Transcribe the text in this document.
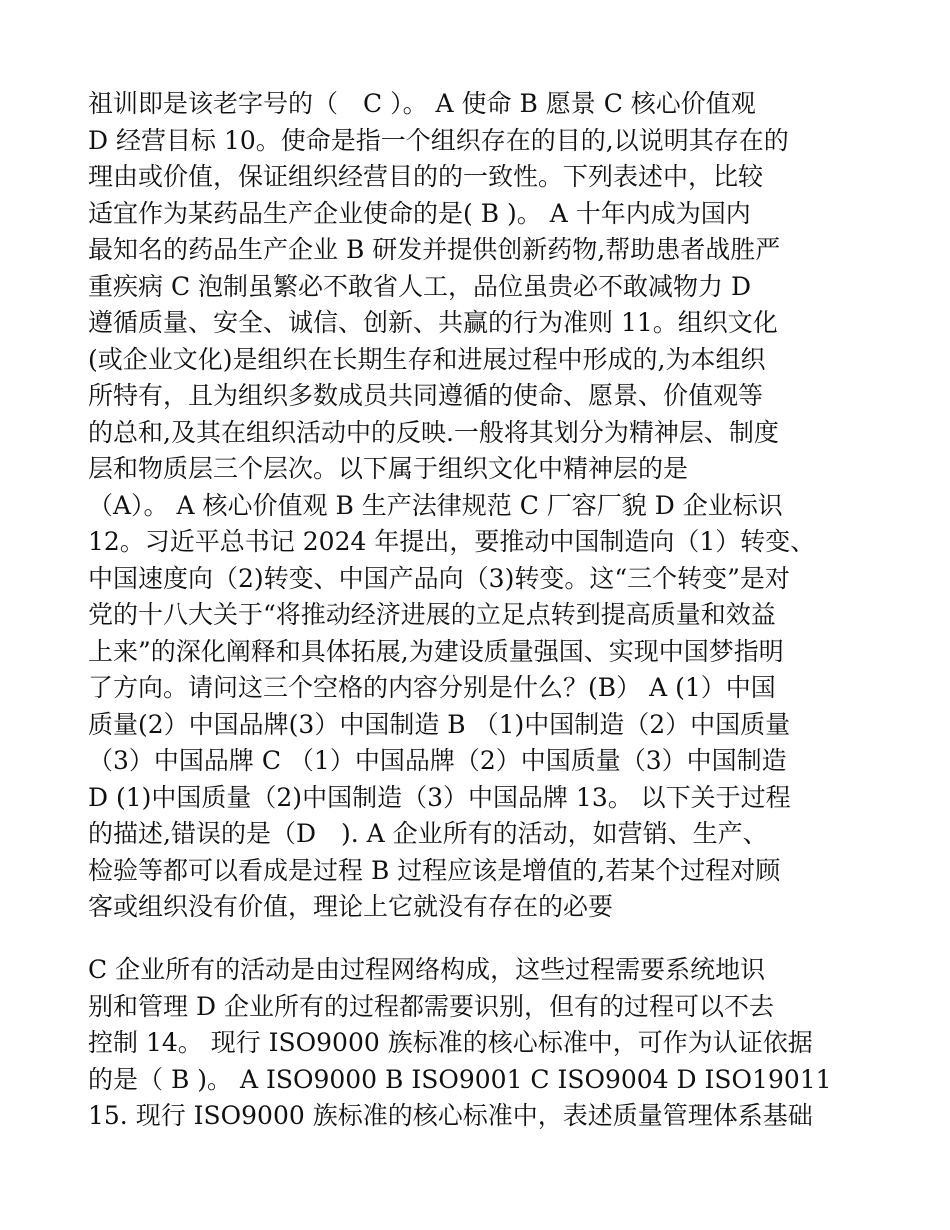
祖训即是该老字号的（　C ）。 A 使命 B 愿景 C 核心价值观
D 经营目标 10。使命是指一个组织存在的目的,以说明其存在的
理由或价值，保证组织经营目的的一致性。下列表述中，比较
适宜作为某药品生产企业使命的是( B )。 A 十年内成为国内
最知名的药品生产企业 B 研发并提供创新药物,帮助患者战胜严
重疾病 C 泡制虽繁必不敢省人工，品位虽贵必不敢减物力 D
遵循质量、安全、诚信、创新、共赢的行为准则 11。组织文化
(或企业文化)是组织在长期生存和进展过程中形成的,为本组织
所特有，且为组织多数成员共同遵循的使命、愿景、价值观等
的总和,及其在组织活动中的反映.一般将其划分为精神层、制度
层和物质层三个层次。以下属于组织文化中精神层的是
（A）。 A 核心价值观 B 生产法律规范 C 厂容厂貌 D 企业标识
12。习近平总书记 2024 年提出，要推动中国制造向（1）转变、
中国速度向（2)转变、中国产品向（3)转变。这“三个转变”是对
党的十八大关于“将推动经济进展的立足点转到提高质量和效益
上来”的深化阐释和具体拓展,为建设质量强国、实现中国梦指明
了方向。请问这三个空格的内容分别是什么？(B） A (1）中国
质量(2）中国品牌(3）中国制造 B （1)中国制造（2）中国质量
（3）中国品牌 C （1）中国品牌（2）中国质量（3）中国制造
D (1)中国质量（2)中国制造（3）中国品牌 13。 以下关于过程
的描述,错误的是（D　). A 企业所有的活动，如营销、生产、
检验等都可以看成是过程 B 过程应该是增值的,若某个过程对顾
客或组织没有价值，理论上它就没有存在的必要
C 企业所有的活动是由过程网络构成，这些过程需要系统地识
别和管理 D 企业所有的过程都需要识别，但有的过程可以不去
控制 14。 现行 ISO9000 族标准的核心标准中，可作为认证依据
的是（ B )。 A ISO9000 B ISO9001 C ISO9004 D ISO19011
15. 现行 ISO9000 族标准的核心标准中，表述质量管理体系基础
